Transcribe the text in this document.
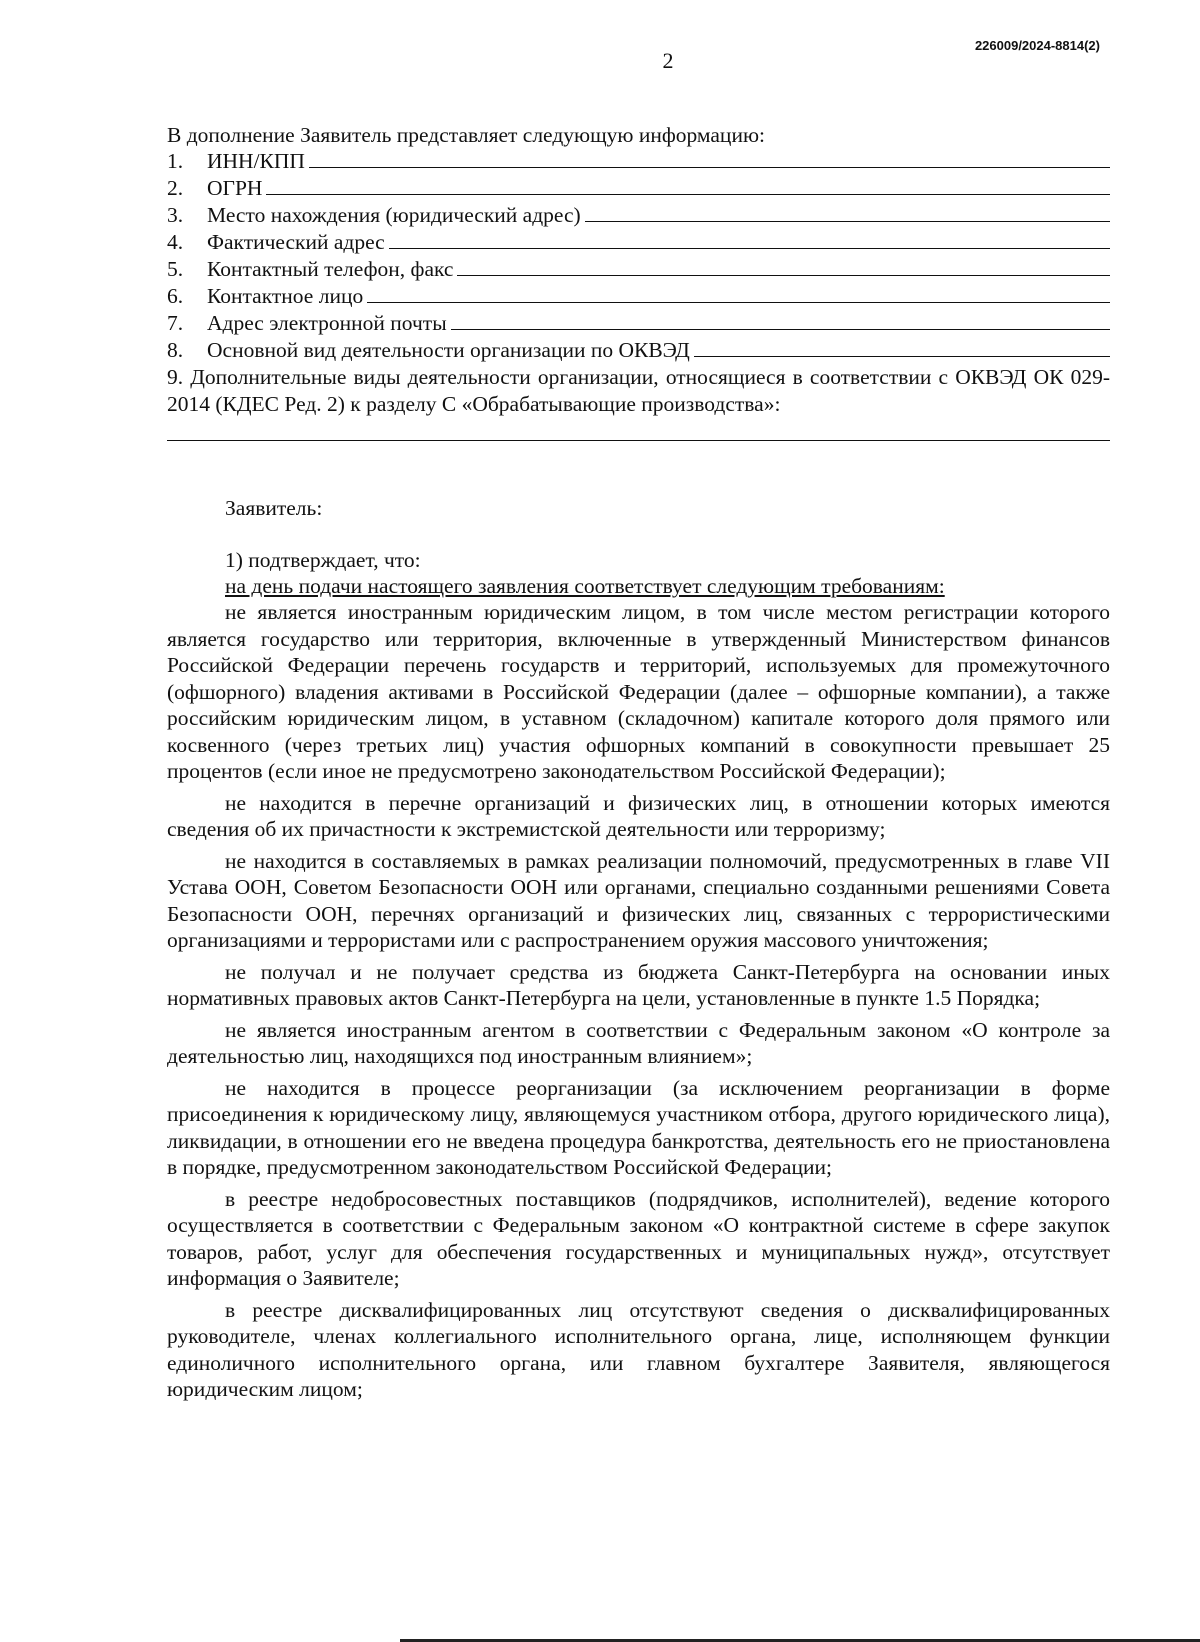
226009/2024-8814(2)
2

В дополнение Заявитель представляет следующую информацию:

1.	ИНН/КПП
2.	ОГРН
3.	Место нахождения (юридический адрес)
4.	Фактический адрес
5.	Контактный телефон, факс
6.	Контактное лицо
7.	Адрес электронной почты
8.	Основной вид деятельности организации по ОКВЭД
9. Дополнительные виды деятельности организации, относящиеся в соответствии с ОКВЭД ОК 029-2014 (КДЕС Ред. 2) к разделу С «Обрабатывающие производства»:
Заявитель:
1) подтверждает, что:
на день подачи настоящего заявления соответствует следующим требованиям:

не является иностранным юридическим лицом, в том числе местом регистрации которого является государство или территория, включенные в утвержденный Министерством финансов Российской Федерации перечень государств и территорий, используемых для промежуточного (офшорного) владения активами в Российской Федерации (далее – офшорные компании), а также российским юридическим лицом, в уставном (складочном) капитале которого доля прямого или косвенного (через третьих лиц) участия офшорных компаний в совокупности превышает 25 процентов (если иное не предусмотрено законодательством Российской Федерации);

не находится в перечне организаций и физических лиц, в отношении которых имеются сведения об их причастности к экстремистской деятельности или терроризму;

не находится в составляемых в рамках реализации полномочий, предусмотренных в главе VII Устава ООН, Советом Безопасности ООН или органами, специально созданными решениями Совета Безопасности ООН, перечнях организаций и физических лиц, связанных с террористическими организациями и террористами или с распространением оружия массового уничтожения;

не получал и не получает средства из бюджета Санкт-Петербурга на основании иных нормативных правовых актов Санкт-Петербурга на цели, установленные в пункте 1.5 Порядка;

не является иностранным агентом в соответствии с Федеральным законом «О контроле за деятельностью лиц, находящихся под иностранным влиянием»;

не находится в процессе реорганизации (за исключением реорганизации в форме присоединения к юридическому лицу, являющемуся участником отбора, другого юридического лица), ликвидации, в отношении его не введена процедура банкротства, деятельность его не приостановлена в порядке, предусмотренном законодательством Российской Федерации;

в реестре недобросовестных поставщиков (подрядчиков, исполнителей), ведение которого осуществляется в соответствии с Федеральным законом «О контрактной системе в сфере закупок товаров, работ, услуг для обеспечения государственных и муниципальных нужд», отсутствует информация о Заявителе;

в реестре дисквалифицированных лиц отсутствуют сведения о дисквалифицированных руководителе, членах коллегиального исполнительного органа, лице, исполняющем функции единоличного исполнительного органа, или главном бухгалтере Заявителя, являющегося юридическим лицом;
